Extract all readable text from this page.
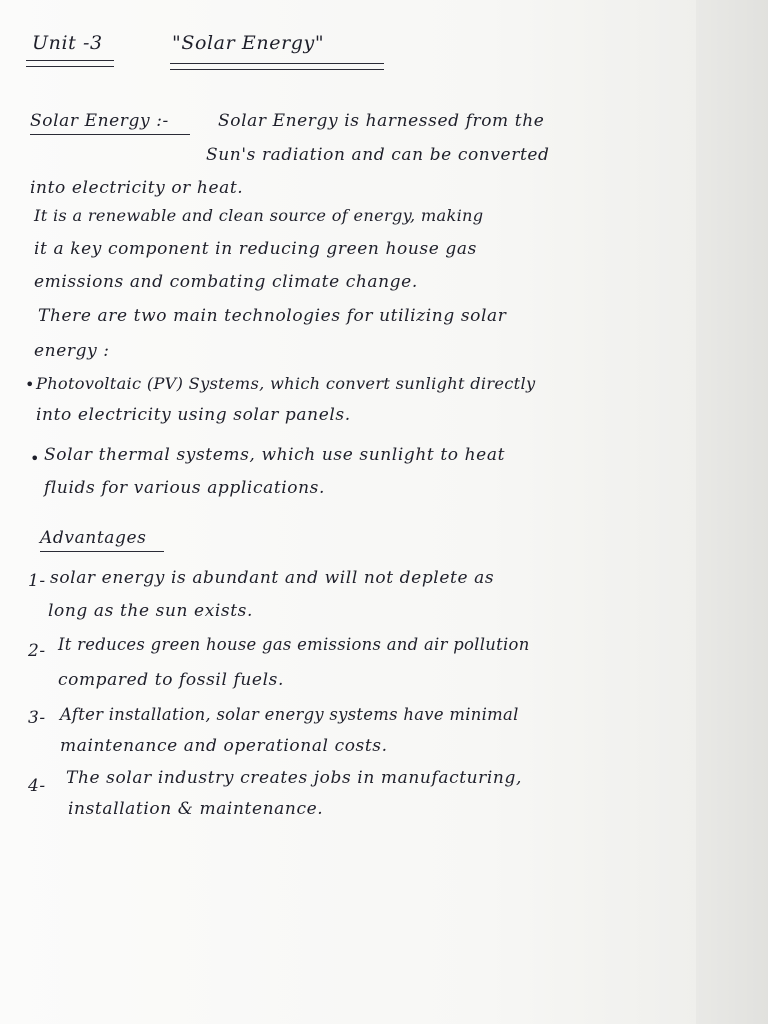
Unit -3	"Solar Energy"
Solar Energy :-	Solar Energy is harnessed from the
Sun's radiation and can be converted
into electricity or heat.
It is a renewable and clean source of energy, making
it a key component in reducing green house gas
emissions and combating climate change.
There are two main technologies for utilizing solar
energy :
• Photovoltaic (PV) Systems, which convert sunlight directly
into electricity using solar panels.
• Solar thermal systems, which use sunlight to heat
fluids for various applications.
Advantages
1- solar energy is abundant and will not deplete as
long as the sun exists.
2- It reduces green house gas emissions and air pollution
compared to fossil fuels.
3- After installation, solar energy systems have minimal
maintenance and operational costs.
4- The solar industry creates jobs in manufacturing,
installation & maintenance.
